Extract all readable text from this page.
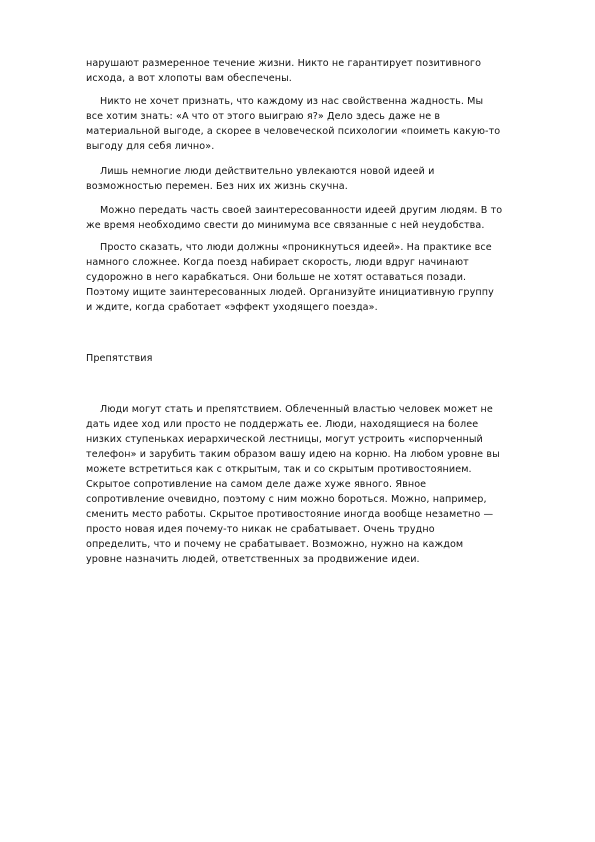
нарушают размеренное течение жизни. Никто не гарантирует позитивного
исхода, а вот хлопоты вам обеспечены.

Никто не хочет признать, что каждому из нас свойственна жадность. Мы
все хотим знать: «А что от этого выиграю я?» Дело здесь даже не в
материальной выгоде, а скорее в человеческой психологии «поиметь какую-то
выгоду для себя лично».

Лишь немногие люди действительно увлекаются новой идеей и
возможностью перемен. Без них их жизнь скучна.

Можно передать часть своей заинтересованности идеей другим людям. В то
же время необходимо свести до минимума все связанные с ней неудобства.

Просто сказать, что люди должны «проникнуться идеей». На практике все
намного сложнее. Когда поезд набирает скорость, люди вдруг начинают
судорожно в него карабкаться. Они больше не хотят оставаться позади.
Поэтому ищите заинтересованных людей. Организуйте инициативную группу
и ждите, когда сработает «эффект уходящего поезда».

Препятствия

Люди могут стать и препятствием. Облеченный властью человек может не
дать идее ход или просто не поддержать ее. Люди, находящиеся на более
низких ступеньках иерархической лестницы, могут устроить «испорченный
телефон» и зарубить таким образом вашу идею на корню. На любом уровне вы
можете встретиться как с открытым, так и со скрытым противостоянием.
Скрытое сопротивление на самом деле даже хуже явного. Явное
сопротивление очевидно, поэтому с ним можно бороться. Можно, например,
сменить место работы. Скрытое противостояние иногда вообще незаметно —
просто новая идея почему-то никак не срабатывает. Очень трудно
определить, что и почему не срабатывает. Возможно, нужно на каждом
уровне назначить людей, ответственных за продвижение идеи.
